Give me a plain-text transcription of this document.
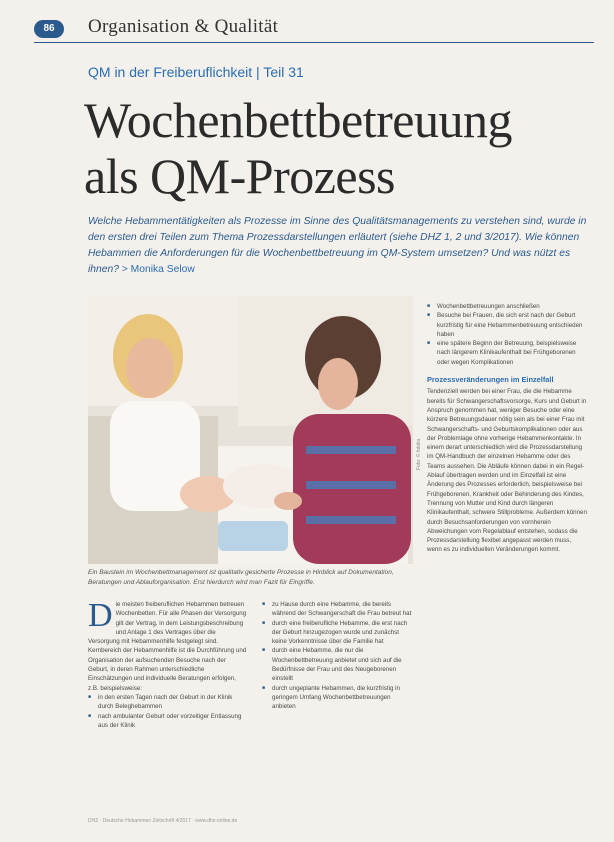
86	Organisation & Qualität
QM in der Freiberuflichkeit | Teil 31
Wochenbettbetreuung
als QM-Prozess
Welche Hebammentätigkeiten als Prozesse im Sinne des Qualitätsmanagements zu verstehen sind, wurde in den ersten drei Teilen zum Thema Prozessdarstellungen erläutert (siehe DHZ 1, 2 und 3/2017). Wie können Hebammen die Anforderungen für die Wochenbettbetreuung im QM-System umsetzen? Und was nützt es ihnen? > Monika Selow
Foto: © fotolia
Ein Baustein im Wochenbettmanagement ist qualitativ gesicherte Prozesse in Hinblick auf Dokumentation, Beratungen und Ablauforganisation. Erst hierdurch wird man Fazit für Eingriffe.
■ Wochenbettbetreuungen anschließen
■ Besuche bei Frauen, die sich erst nach der Geburt kurzfristig für eine Hebammenbetreuung entschieden haben
■ eine spätere Beginn der Betreuung, beispielsweise nach längerem Klinikaufenthalt bei Frühgeborenen oder wegen Komplikationen
Prozessveränderungen im Einzelfall

Tendenziell werden bei einer Frau, die die Hebamme bereits für Schwangerschaftsvorsorge, Kurs und Geburt in Anspruch genommen hat, weniger Besuche oder eine kürzere Betreuungsdauer nötig sein als bei einer Frau mit Schwangerschafts- und Geburtskomplikationen oder aus der Problemlage ohne vorherige Hebammenkontakte. In einem derart unterschiedlich wird die Prozessdarstellung im QM-Handbuch der einzelnen Hebamme oder des Teams aussehen. Die Abläufe können dabei in ein Regel-Ablauf übertragen werden und im Einzelfall ist eine Änderung des Prozesses erforderlich, beispielsweise bei Frühgeborenen, Krankheit oder Behinderung des Kindes, Trennung von Mutter und Kind durch längeren Klinikaufenthalt, schwere Stillprobleme. Außerdem können durch Besuchsanforderungen von vornherein Abweichungen vom Regelablauf entstehen, sodass die Prozessdarstellung flexibel angepasst werden muss, wenn es zu individuellen Veränderungen kommt.

D ie meisten freiberuflichen Hebammen betreuen Wochenbetten. Für alle Phasen der Versorgung gilt der Vertrag, in dem Leistungsbeschreibung und Anlage 1 des Vertrages über die Versorgung mit Hebammenhilfe festgelegt sind. Kernbereich der Hebammenhilfe ist die Durchführung und Organisation der aufsuchenden Besuche nach der Geburt, in deren Rahmen unterschiedliche Einschätzungen und individuelle Beratungen erfolgen, z.B. beispielsweise:

■ in den ersten Tagen nach der Geburt in der Klinik durch Beleghebammen
■ nach ambulanter Geburt oder vorzeitiger Entlassung aus der Klinik
■ zu Hause durch eine Hebamme, die bereits während der Schwangerschaft die Frau betreut hat
■ durch eine freiberufliche Hebamme, die erst nach der Geburt hinzugezogen wurde und zunächst keine Vorkenntnisse über die Familie hat
■ durch eine Hebamme, die nur die Wochenbettbetreuung anbietet und sich auf die Bedürfnisse der Frau und des Neugeborenen einstellt
■ durch ungeplante Hebammen, die kurzfristig in geringem Umfang Wochenbettbetreuungen anbieten
DHZ · Deutsche Hebammen Zeitschrift 4/2017 · www.dhz-online.de
